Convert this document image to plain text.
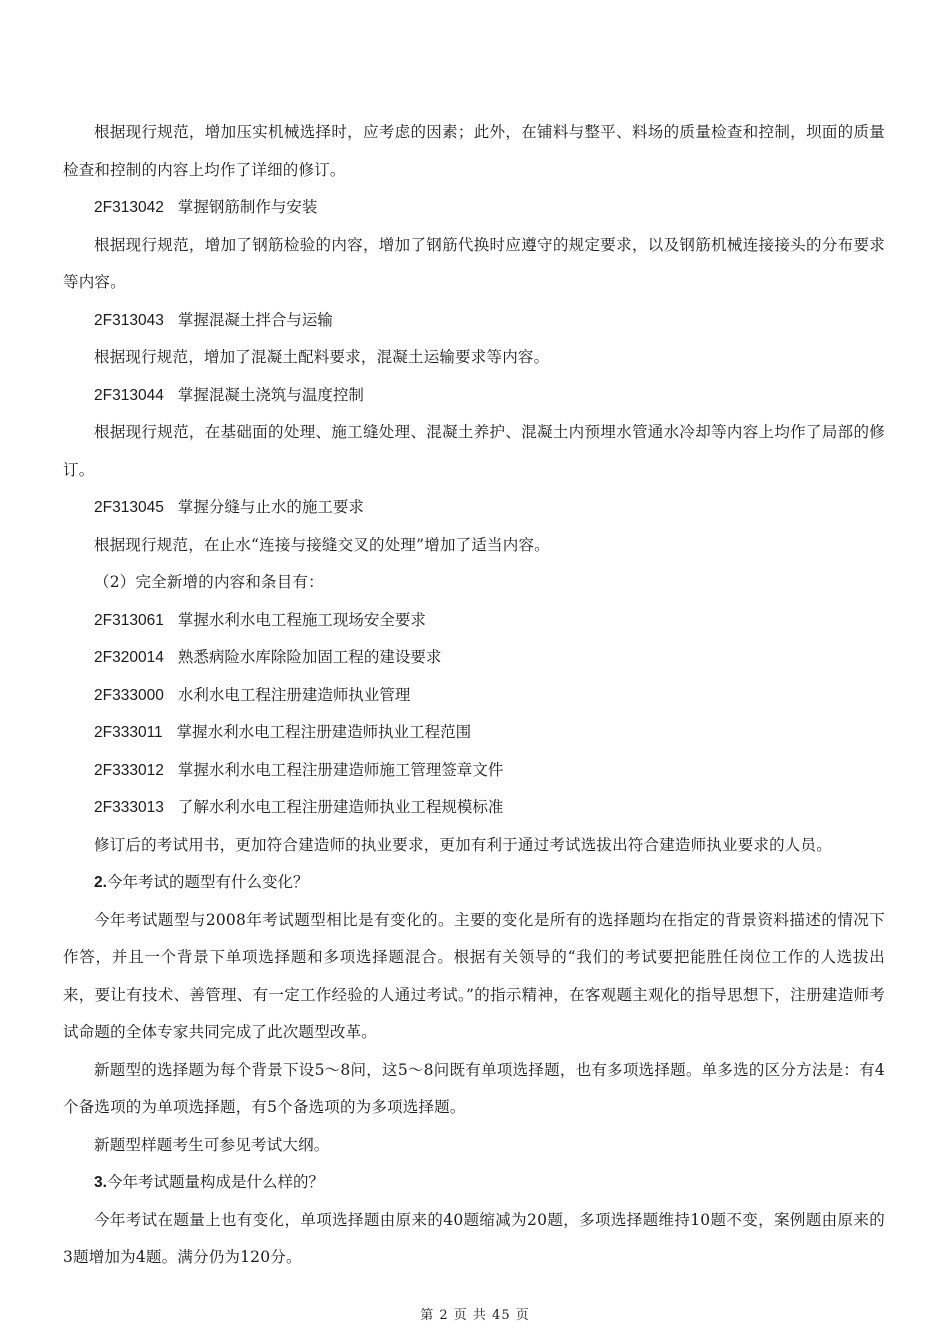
根据现行规范，增加压实机械选择时，应考虑的因素；此外，在铺料与整平、料场的质量检查和控制，坝面的质量检查和控制的内容上均作了详细的修订。

2F313042 掌握钢筋制作与安装

根据现行规范，增加了钢筋检验的内容，增加了钢筋代换时应遵守的规定要求，以及钢筋机械连接接头的分布要求等内容。

2F313043 掌握混凝土拌合与运输

根据现行规范，增加了混凝土配料要求，混凝土运输要求等内容。

2F313044 掌握混凝土浇筑与温度控制

根据现行规范，在基础面的处理、施工缝处理、混凝土养护、混凝土内预埋水管通水冷却等内容上均作了局部的修订。

2F313045 掌握分缝与止水的施工要求

根据现行规范，在止水“连接与接缝交叉的处理”增加了适当内容。

（2）完全新增的内容和条目有：

2F313061 掌握水利水电工程施工现场安全要求

2F320014 熟悉病险水库除险加固工程的建设要求

2F333000 水利水电工程注册建造师执业管理

2F333011 掌握水利水电工程注册建造师执业工程范围

2F333012 掌握水利水电工程注册建造师施工管理签章文件

2F333013 了解水利水电工程注册建造师执业工程规模标准

修订后的考试用书，更加符合建造师的执业要求，更加有利于通过考试选拔出符合建造师执业要求的人员。

2.今年考试的题型有什么变化？

今年考试题型与2008年考试题型相比是有变化的。主要的变化是所有的选择题均在指定的背景资料描述的情况下作答，并且一个背景下单项选择题和多项选择题混合。根据有关领导的“我们的考试要把能胜任岗位工作的人选拔出来，要让有技术、善管理、有一定工作经验的人通过考试。”的指示精神，在客观题主观化的指导思想下，注册建造师考试命题的全体专家共同完成了此次题型改革。

新题型的选择题为每个背景下设5～8问，这5～8问既有单项选择题，也有多项选择题。单多选的区分方法是：有4个备选项的为单项选择题，有5个备选项的为多项选择题。

新题型样题考生可参见考试大纲。

3.今年考试题量构成是什么样的？

今年考试在题量上也有变化，单项选择题由原来的40题缩减为20题，多项选择题维持10题不变，案例题由原来的3题增加为4题。满分仍为120分。

第 2 页 共 45 页
